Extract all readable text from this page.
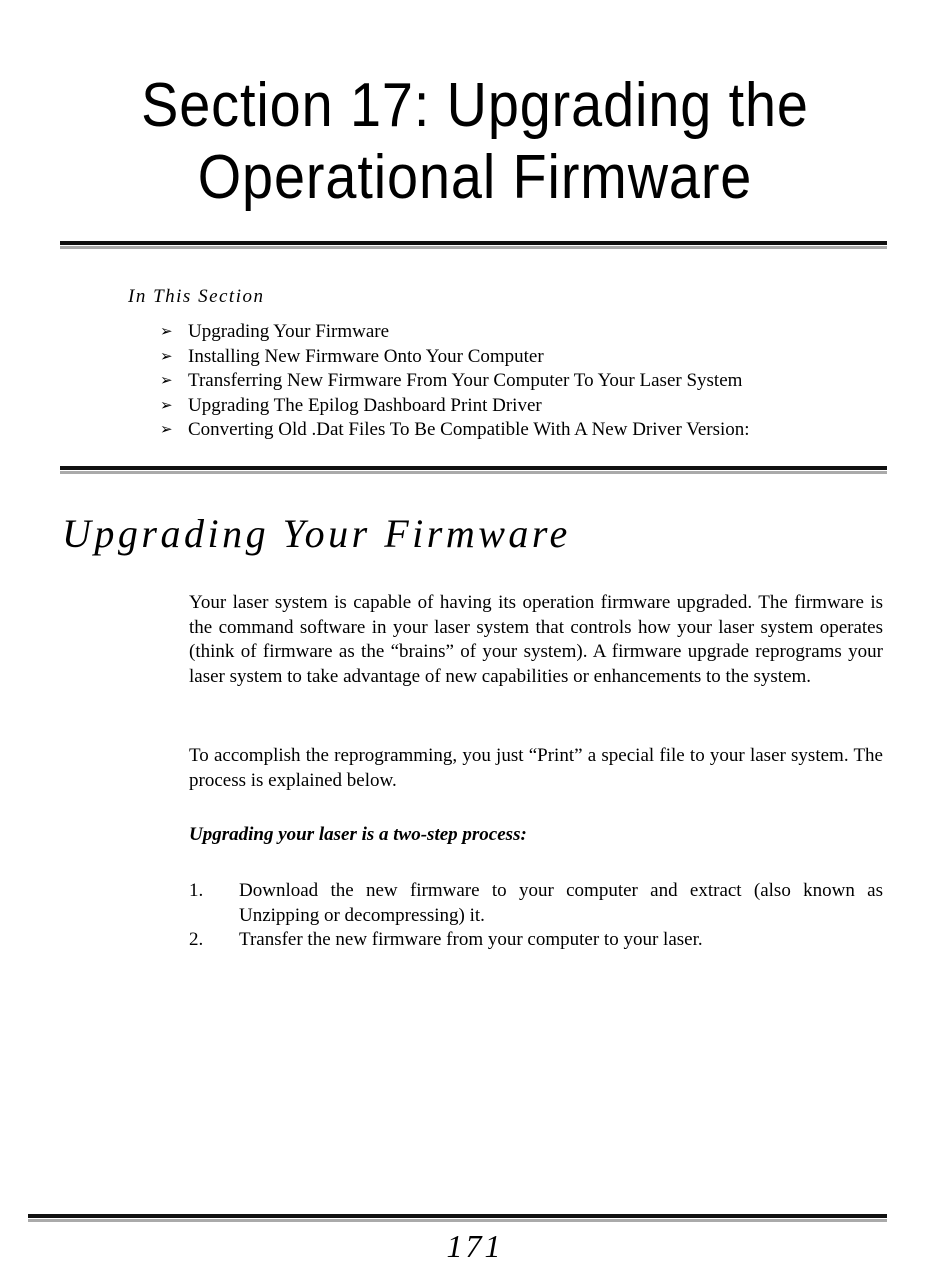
Section 17: Upgrading the
Operational Firmware
In This Section
➢ Upgrading Your Firmware
➢ Installing New Firmware Onto Your Computer
➢ Transferring New Firmware From Your Computer To Your Laser System
➢ Upgrading The Epilog Dashboard Print Driver
➢ Converting Old .Dat Files To Be Compatible With A New Driver Version:
Upgrading Your Firmware

Your laser system is capable of having its operation firmware upgraded. The firmware is the command software in your laser system that controls how your laser system operates (think of firmware as the “brains” of your system). A firmware upgrade reprograms your laser system to take advantage of new capabilities or enhancements to the system.

To accomplish the reprogramming, you just “Print” a special file to your laser system. The process is explained below.

Upgrading your laser is a two-step process:

1.	Download the new firmware to your computer and extract (also known as Unzipping or decompressing) it.
2.	Transfer the new firmware from your computer to your laser.
171
